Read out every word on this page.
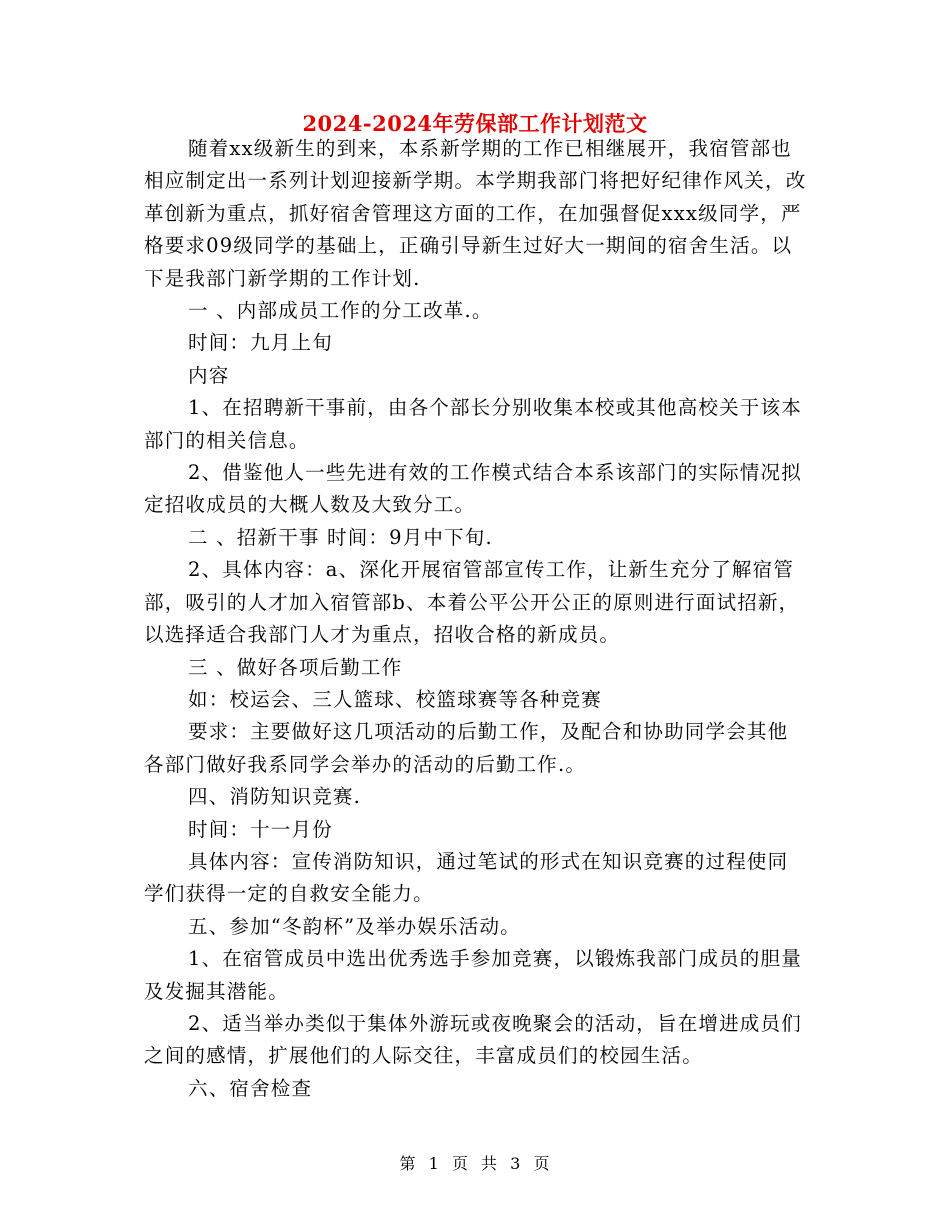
2024-2024年劳保部工作计划范文

随着xx级新生的到来，本系新学期的工作已相继展开，我宿管部也相应制定出一系列计划迎接新学期。本学期我部门将把好纪律作风关，改革创新为重点，抓好宿舍管理这方面的工作，在加强督促xxx级同学，严格要求09级同学的基础上，正确引导新生过好大一期间的宿舍生活。以下是我部门新学期的工作计划.

一 、内部成员工作的分工改革.。

时间：九月上旬

内容

1、在招聘新干事前，由各个部长分别收集本校或其他高校关于该本部门的相关信息。

2、借鉴他人一些先进有效的工作模式结合本系该部门的实际情况拟定招收成员的大概人数及大致分工。

二 、招新干事 时间：9月中下旬.

2、具体内容：a、深化开展宿管部宣传工作，让新生充分了解宿管部，吸引的人才加入宿管部b、本着公平公开公正的原则进行面试招新，以选择适合我部门人才为重点，招收合格的新成员。

三 、做好各项后勤工作

如：校运会、三人篮球、校篮球赛等各种竞赛

要求：主要做好这几项活动的后勤工作，及配合和协助同学会其他各部门做好我系同学会举办的活动的后勤工作.。

四、消防知识竞赛.

时间：十一月份

具体内容：宣传消防知识，通过笔试的形式在知识竞赛的过程使同学们获得一定的自救安全能力。

五、参加“冬韵杯”及举办娱乐活动。

1、在宿管成员中选出优秀选手参加竞赛，以锻炼我部门成员的胆量及发掘其潜能。

2、适当举办类似于集体外游玩或夜晚聚会的活动，旨在增进成员们之间的感情，扩展他们的人际交往，丰富成员们的校园生活。

六、宿舍检查

第 1 页 共 3 页
